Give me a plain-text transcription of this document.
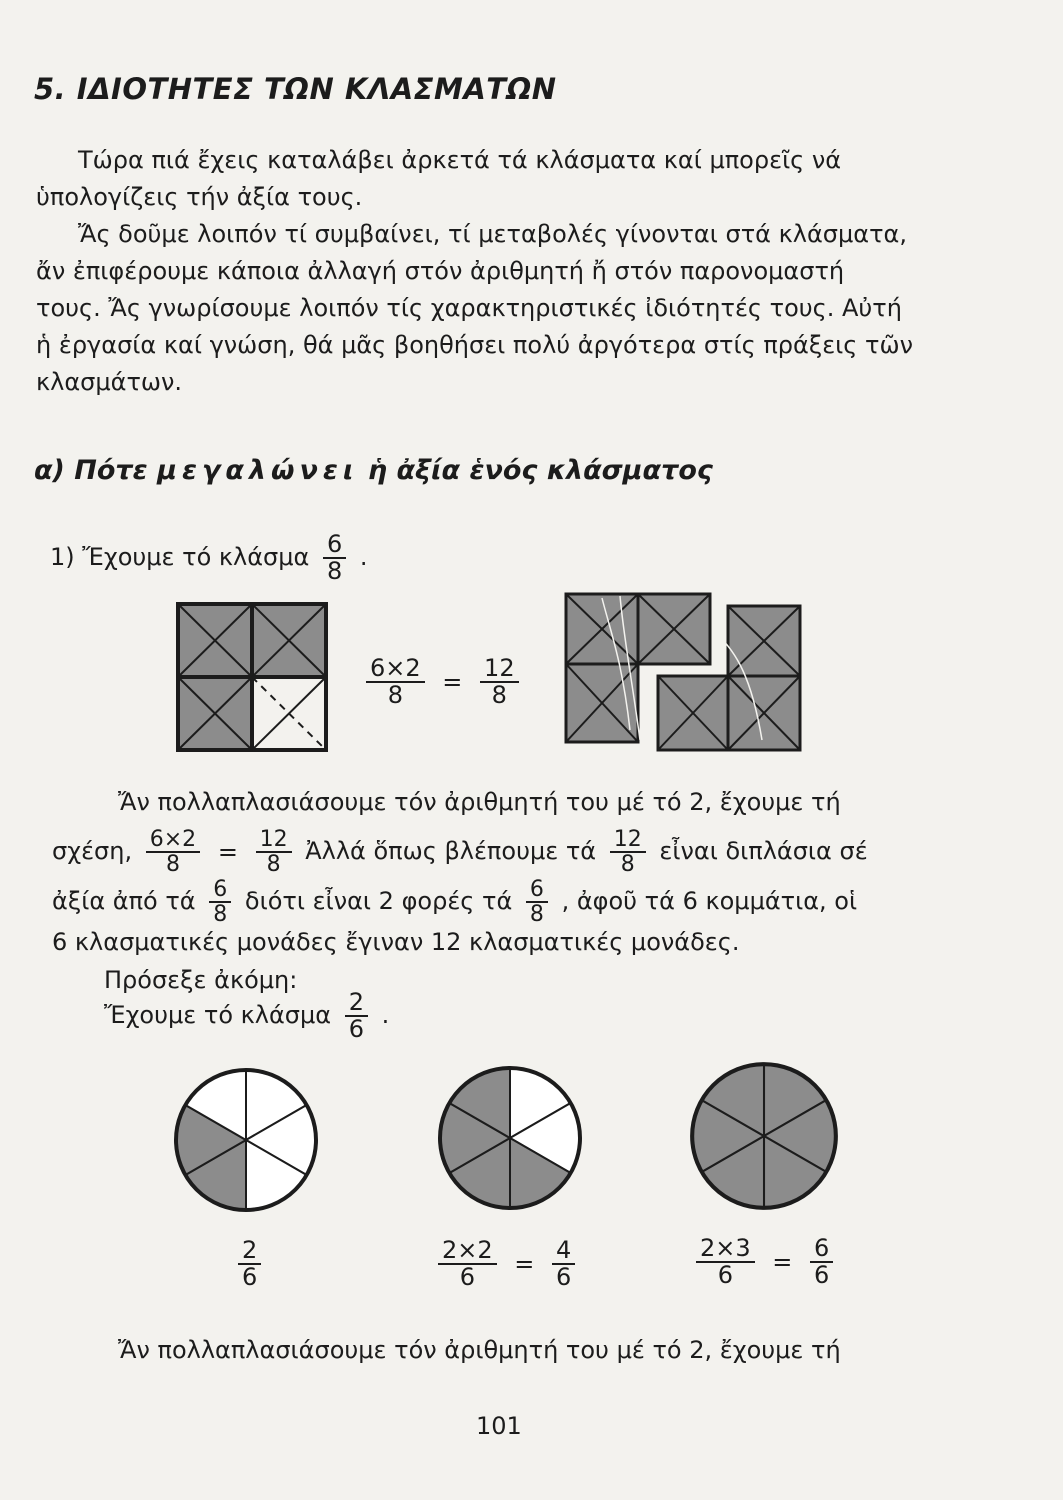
5. ΙΔΙΟΤΗΤΕΣ ΤΩΝ ΚΛΑΣΜΑΤΩΝ

Τώρα πιά ἔχεις καταλάβει ἀρκετά τά κλάσματα καί μπορεῖς νά ὑπολογίζεις τήν ἀξία τους.

Ἄς δοῦμε λοιπόν τί συμβαίνει, τί μεταβολές γίνονται στά κλάσματα, ἄν ἐπιφέρουμε κάποια ἀλλαγή στόν ἀριθμητή ἤ στόν παρονομαστή τους. Ἄς γνωρίσουμε λοιπόν τίς χαρακτηριστικές ἰδιότητές τους. Αὐτή ἡ ἐργασία καί γνώση, θά μᾶς βοηθήσει πολύ ἀργότερα στίς πράξεις τῶν κλασμάτων.

α) Πότε μεγαλώνει ἡ ἀξία ἑνός κλάσματος
1) Ἔχουμε τό κλάσμα $\frac{6}{8}$ .
$\frac{6\times 2}{8} = \frac{12}{8}$
Ἄν πολλαπλασιάσουμε τόν ἀριθμητή του μέ τό 2, ἔχουμε τή
σχέση, $\frac{6\times 2}{8} = \frac{12}{8}$ Ἀλλά ὅπως βλέπουμε τά $\frac{12}{8}$ εἶναι διπλάσια σέ
ἀξία ἀπό τά $\frac{6}{8}$ διότι εἶναι 2 φορές τά $\frac{6}{8}$ , ἀφοῦ τά 6 κομμάτια, οἱ
6 κλασματικές μονάδες ἔγιναν 12 κλασματικές μονάδες.
Πρόσεξε ἀκόμη:
Ἔχουμε τό κλάσμα $\frac{2}{6}$ .
$\frac{2}{6}$	$\frac{2\times 2}{6} = \frac{4}{6}$	$\frac{2\times 3}{6} = \frac{6}{6}$
Ἄν πολλαπλασιάσουμε τόν ἀριθμητή του μέ τό 2, ἔχουμε τή
101
